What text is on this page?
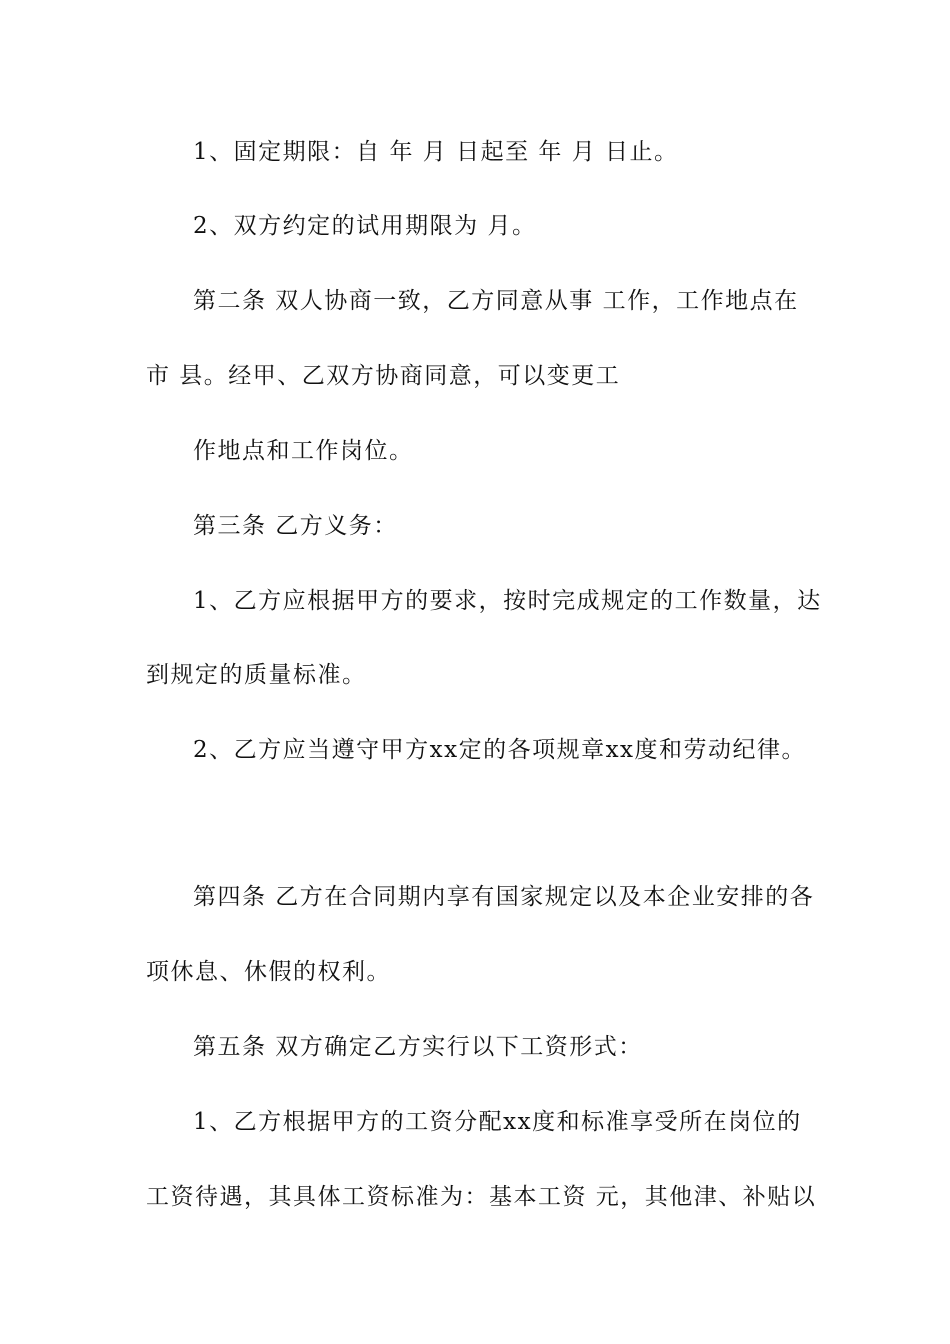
1、固定期限：自 年 月 日起至 年 月 日止。
2、双方约定的试用期限为 月。
第二条 双人协商一致，乙方同意从事 工作，工作地点在
市 县。经甲、乙双方协商同意，可以变更工
作地点和工作岗位。
第三条 乙方义务：
1、乙方应根据甲方的要求，按时完成规定的工作数量，达
到规定的质量标准。
2、乙方应当遵守甲方xx定的各项规章xx度和劳动纪律。
第四条 乙方在合同期内享有国家规定以及本企业安排的各
项休息、休假的权利。
第五条 双方确定乙方实行以下工资形式：
1、乙方根据甲方的工资分配xx度和标准享受所在岗位的
工资待遇，其具体工资标准为：基本工资 元，其他津、补贴以
